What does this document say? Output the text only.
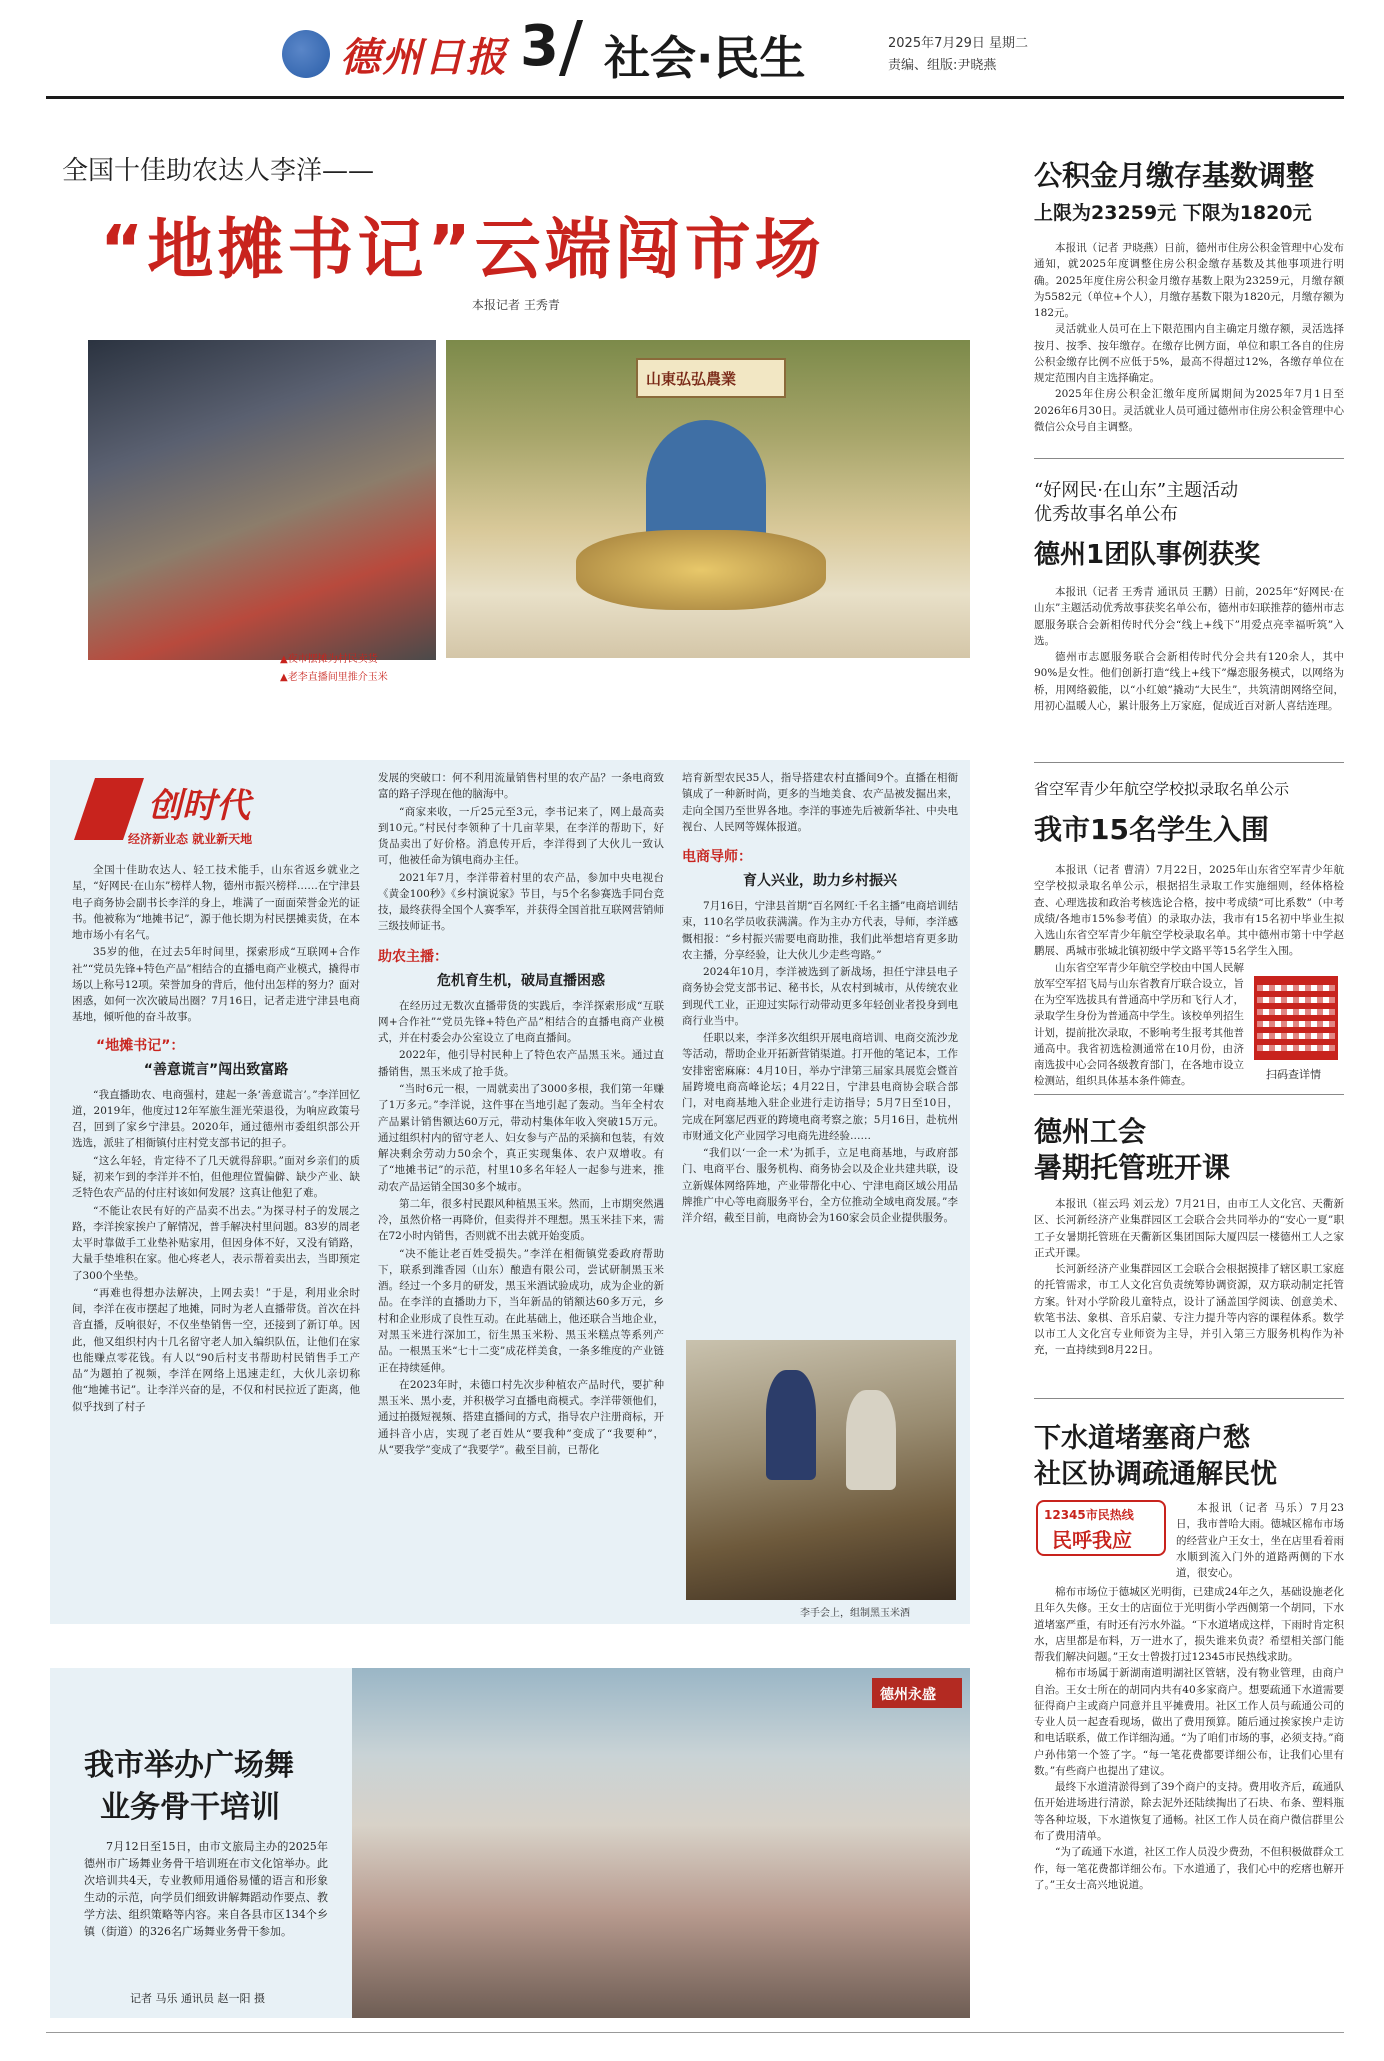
德州日报 3 社会·民生	2025年7月29日 星期二
责编、组版:尹晓燕
全国十佳助农达人李洋——
“地摊书记”云端闯市场
本报记者 王秀青
▲夜市摆摊为村民卖货
▲老李直播间里推介玉米
山東弘弘農業
创时代
经济新业态 就业新天地

全国十佳助农达人、轻工技术能手，山东省返乡就业之星，“好网民·在山东”榜样人物，德州市振兴榜样……在宁津县电子商务协会副书长李洋的身上，堆满了一面面荣誉金光的证书。他被称为“地摊书记”，源于他长期为村民摆摊卖货，在本地市场小有名气。

35岁的他，在过去5年时间里，探索形成“互联网+合作社”“党员先锋+特色产品”相结合的直播电商产业模式，撬得市场以上称号12项。荣誉加身的背后，他付出怎样的努力？面对困惑，如何一次次破局出圈？7月16日，记者走进宁津县电商基地，倾听他的奋斗故事。

“地摊书记”：
“善意谎言”闯出致富路

“我直播助农、电商强村，建起一条‘善意谎言’。”李洋回忆道，2019年，他度过12年军旅生涯光荣退役，为响应政策号召，回到了家乡宁津县。2020年，通过德州市委组织部公开选选，派驻了相衙镇付庄村党支部书记的担子。

“这么年轻，肯定待不了几天就得辞职。”面对乡亲们的质疑，初来乍到的李洋并不怕，但他理位置偏僻、缺少产业、缺乏特色农产品的付庄村该如何发展？这真让他犯了难。

“不能让农民有好的产品卖不出去。”为探寻村子的发展之路，李洋挨家挨户了解情况，普手解决村里问题。83岁的周老太平时靠做手工业垫补贴家用，但因身体不好，又没有销路，大量手垫堆积在家。他心疼老人，表示帮着卖出去，当即预定了300个坐垫。

“再难也得想办法解决，上网去卖！”于是，利用业余时间，李洋在夜市摆起了地摊，同时为老人直播带货。首次在抖音直播，反响很好，不仅坐垫销售一空，还接到了新订单。因此，他又组织村内十几名留守老人加入编织队伍，让他们在家也能赚点零花钱。有人以“90后村支书帮助村民销售手工产品”为题拍了视频，李洋在网络上迅速走红，大伙儿亲切称他“地摊书记”。让李洋兴奋的是，不仅和村民拉近了距离，他似乎找到了村子

发展的突破口：何不利用流量销售村里的农产品？一条电商致富的路子浮现在他的脑海中。

“商家来收，一斤25元至3元，李书记来了，网上最高卖到10元。”村民付李领种了十几亩苹果，在李洋的帮助下，好货品卖出了好价格。消息传开后，李洋得到了大伙儿一致认可，他被任命为镇电商办主任。

2021年7月，李洋带着村里的农产品，参加中央电视台《黄金100秒》《乡村演说家》节目，与5个名参赛选手同台竞技，最终获得全国个人赛季军，并获得全国首批互联网营销师三级技师证书。

助农主播：
危机育生机，破局直播困惑

在经历过无数次直播带货的实践后，李洋探索形成“互联网+合作社”“党员先锋+特色产品”相结合的直播电商产业模式，并在村委会办公室设立了电商直播间。

2022年，他引导村民种上了特色农产品黑玉米。通过直播销售，黑玉米成了抢手货。

“当时6元一根，一周就卖出了3000多根，我们第一年赚了1万多元。”李洋说，这件事在当地引起了轰动。当年全村农产品累计销售额达60万元，带动村集体年收入突破15万元。通过组织村内的留守老人、妇女参与产品的采摘和包装，有效解决剩余劳动力50余个，真正实现集体、农户双增收。有了“地摊书记”的示范，村里10多名年轻人一起参与进来，推动农产品运销全国30多个城市。

第二年，很多村民跟风种植黑玉米。然而，上市期突然遇冷，虽然价格一再降价，但卖得并不理想。黑玉米挂下来，需在72小时内销售，否则就不出去就开始变质。

“决不能让老百姓受损失。”李洋在相衙镇党委政府帮助下，联系到潍香园（山东）酿造有限公司，尝试研制黑玉米酒。经过一个多月的研发，黑玉米酒试验成功，成为企业的新品。在李洋的直播助力下，当年新品的销额达60多万元，乡村和企业形成了良性互动。在此基础上，他还联合当地企业，对黑玉米进行深加工，衍生黑玉米粉、黑玉米糕点等系列产品。一根黑玉米“七十二变”成花样美食，一条多维度的产业链正在持续延伸。

在2023年时，未德口村先次步种植农产品时代，要扩种黑玉米、黑小麦，并积极学习直播电商模式。李洋带领他们，通过拍摄短视频、搭建直播间的方式，指导农户注册商标，开通抖音小店，实现了老百姓从“要我种”变成了“我要种”，从“要我学”变成了“我要学”。截至目前，已帮化

培育新型农民35人，指导搭建农村直播间9个。直播在相衙镇成了一种新时尚，更多的当地美食、农产品被发掘出来，走向全国乃至世界各地。李洋的事迹先后被新华社、中央电视台、人民网等媒体报道。

电商导师：
育人兴业，助力乡村振兴

7月16日，宁津县首期“百名网红·千名主播”电商培训结束，110名学员收获满满。作为主办方代表，导师，李洋感慨相报：“乡村振兴需要电商助推，我们此举想培育更多助农主播，分享经验，让大伙儿少走些弯路。”

2024年10月，李洋被选到了新战场，担任宁津县电子商务协会党支部书记、秘书长，从农村到城市，从传统农业到现代工业，正迎过实际行动带动更多年轻创业者投身到电商行业当中。

任职以来，李洋多次组织开展电商培训、电商交流沙龙等活动，帮助企业开拓新营销渠道。打开他的笔记本，工作安排密密麻麻：4月10日，举办宁津第三届家具展览会暨首届跨境电商高峰论坛；4月22日，宁津县电商协会联合部门，对电商基地入驻企业进行走访指导；5月7日至10日，完成在阿塞尼西亚的跨境电商考察之旅；5月16日，赴杭州市财通文化产业园学习电商先进经验……

“我们以‘一企一术’为抓手，立足电商基地，与政府部门、电商平台、服务机构、商务协会以及企业共建共联，设立新媒体网络阵地，产业带帮化中心、宁津电商区域公用品牌推广中心等电商服务平台，全方位推动全域电商发展。”李洋介绍，截至目前，电商协会为160家会员企业提供服务。

李手会上，组制黑玉米酒
我市举办广场舞
业务骨干培训

7月12日至15日，由市文旅局主办的2025年德州市广场舞业务骨干培训班在市文化馆举办。此次培训共4天，专业教师用通俗易懂的语言和形象生动的示范，向学员们细致讲解舞蹈动作要点、教学方法、组织策略等内容。来自各县市区134个乡镇（街道）的326名广场舞业务骨干参加。

记者 马乐 通讯员 赵一阳 摄
德州永盛
公积金月缴存基数调整
上限为23259元 下限为1820元

本报讯（记者 尹晓燕）日前，德州市住房公积金管理中心发布通知，就2025年度调整住房公积金缴存基数及其他事项进行明确。2025年度住房公积金月缴存基数上限为23259元，月缴存额为5582元（单位+个人），月缴存基数下限为1820元，月缴存额为182元。

灵活就业人员可在上下限范围内自主确定月缴存额，灵活选择按月、按季、按年缴存。在缴存比例方面，单位和职工各自的住房公积金缴存比例不应低于5%，最高不得超过12%，各缴存单位在规定范围内自主选择确定。

2025年住房公积金汇缴年度所属期间为2025年7月1日至2026年6月30日。灵活就业人员可通过德州市住房公积金管理中心微信公众号自主调整。

“好网民·在山东”主题活动
优秀故事名单公布
德州1团队事例获奖

本报讯（记者 王秀青 通讯员 王鹏）日前，2025年“好网民·在山东”主题活动优秀故事获奖名单公布，德州市妇联推荐的德州市志愿服务联合会新相传时代分会“线上+线下”用爱点亮幸福听筑”入选。

德州市志愿服务联合会新相传时代分会共有120余人，其中90%是女性。他们创新打造“线上+线下”爆恋服务模式，以网络为桥，用网络毅能，以“小红娘”撬动“大民生”，共筑清朗网络空间，用初心温暖人心，累计服务上万家庭，促成近百对新人喜结连理。

省空军青少年航空学校拟录取名单公示
我市15名学生入围

本报讯（记者 曹清）7月22日，2025年山东省空军青少年航空学校拟录取名单公示，根据招生录取工作实施细则，经体格检查、心理选拔和政治考核选论合格，按中考成绩“可比系数”（中考成绩/各地市15%参考值）的录取办法，我市有15名初中毕业生拟入选山东省空军青少年航空学校录取名单。其中德州市第十中学赵鹏展、禹城市张城北镇初级中学文路平等15名学生入围。

山东省空军青少年航空学校由中国人民解放军空军招飞局与山东省教育厅联合设立，旨在为空军选拔具有普通高中学历和飞行人才，录取学生身份为普通高中学生。该校单列招生计划，提前批次录取，不影响考生报考其他普通高中。我省初选检测通常在10月份，由济南选拔中心会同各级教育部门，在各地市设立检测站，组织具体基本条件筛查。

扫码查详情
德州工会
暑期托管班开课

本报讯（崔云玛 刘云龙）7月21日，由市工人文化宫、天衢新区、长河新经济产业集群园区工会联合会共同举办的“安心一夏”职工子女暑期托管班在天衢新区集团国际大厦四层一楼德州工人之家正式开课。

长河新经济产业集群园区工会联合会根据摸排了辖区职工家庭的托管需求，市工人文化宫负责统筹协调资源，双方联动制定托管方案。针对小学阶段儿童特点，设计了涵盖国学阅读、创意美术、软笔书法、象棋、音乐启蒙、专注力提升等内容的课程体系。数学以市工人文化宫专业师资为主导，并引入第三方服务机构作为补充，一直持续到8月22日。

下水道堵塞商户愁
社区协调疏通解民忧
12345市民热线
民呼我应

本报讯（记者 马乐）7月23日，我市普哈大雨。德城区棉布市场的经营业户王女士，坐在店里看着雨水顺到流入门外的道路两侧的下水道，很安心。

棉布市场位于德城区光明街，已建成24年之久，基础设施老化且年久失修。王女士的店面位于光明街小学西侧第一个胡同，下水道堵塞严重，有时还有污水外溢。“下水道堵成这样，下雨时肯定积水，店里都是布料，万一进水了，损失谁来负责？希望相关部门能帮我们解决问题。”王女士曾拨打过12345市民热线求助。

棉布市场属于新湖南道明湖社区管辖，没有物业管理，由商户自治。王女士所在的胡同内共有40多家商户。想要疏通下水道需要征得商户主或商户同意并且平摊费用。社区工作人员与疏通公司的专业人员一起查看现场，做出了费用预算。随后通过挨家挨户走访和电话联系，做工作详细沟通。“为了咱们市场的事，必须支持。”商户孙伟第一个签了字。“每一笔花费都要详细公布，让我们心里有数。”有些商户也提出了建议。

最终下水道清淤得到了39个商户的支持。费用收齐后，疏通队伍开始进场进行清淤，除去泥外还陆续掏出了石块、布条、塑料瓶等各种垃圾，下水道恢复了通畅。社区工作人员在商户微信群里公布了费用清单。

“为了疏通下水道，社区工作人员没少费劲，不但积极做群众工作，每一笔花费都详细公布。下水道通了，我们心中的疙瘩也解开了。”王女士高兴地说道。
